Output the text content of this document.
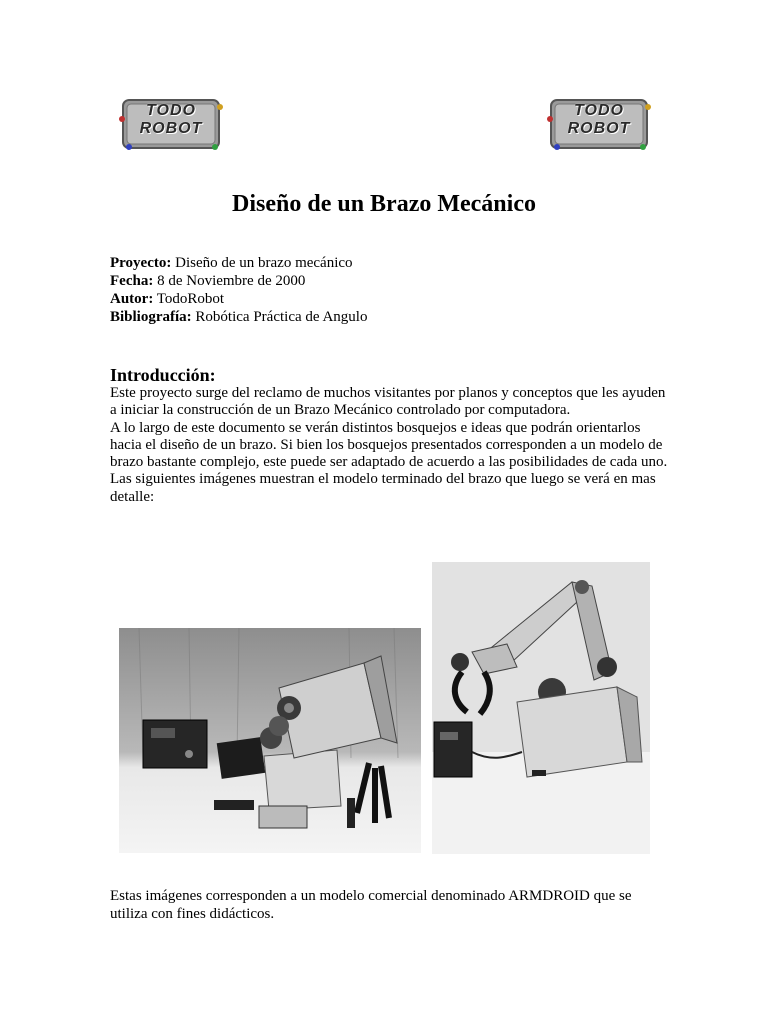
TODO
ROBOT
TODO
ROBOT
Diseño de un Brazo Mecánico
Proyecto: Diseño de un brazo mecánico
Fecha: 8 de Noviembre de 2000
Autor: TodoRobot
Bibliografía: Robótica Práctica de Angulo
Introducción:

Este proyecto surge del reclamo de muchos visitantes por planos y conceptos que les ayuden a iniciar la construcción de un Brazo Mecánico controlado por computadora.

A lo largo de este documento se verán distintos bosquejos e ideas que podrán orientarlos hacia el diseño de un brazo. Si bien los bosquejos presentados corresponden a un modelo de brazo bastante complejo, este puede ser adaptado de acuerdo a las posibilidades de cada uno.

Las siguientes imágenes muestran el modelo terminado del brazo que luego se verá en mas detalle:

Estas imágenes corresponden a un modelo comercial denominado ARMDROID que se utiliza con fines didácticos.
